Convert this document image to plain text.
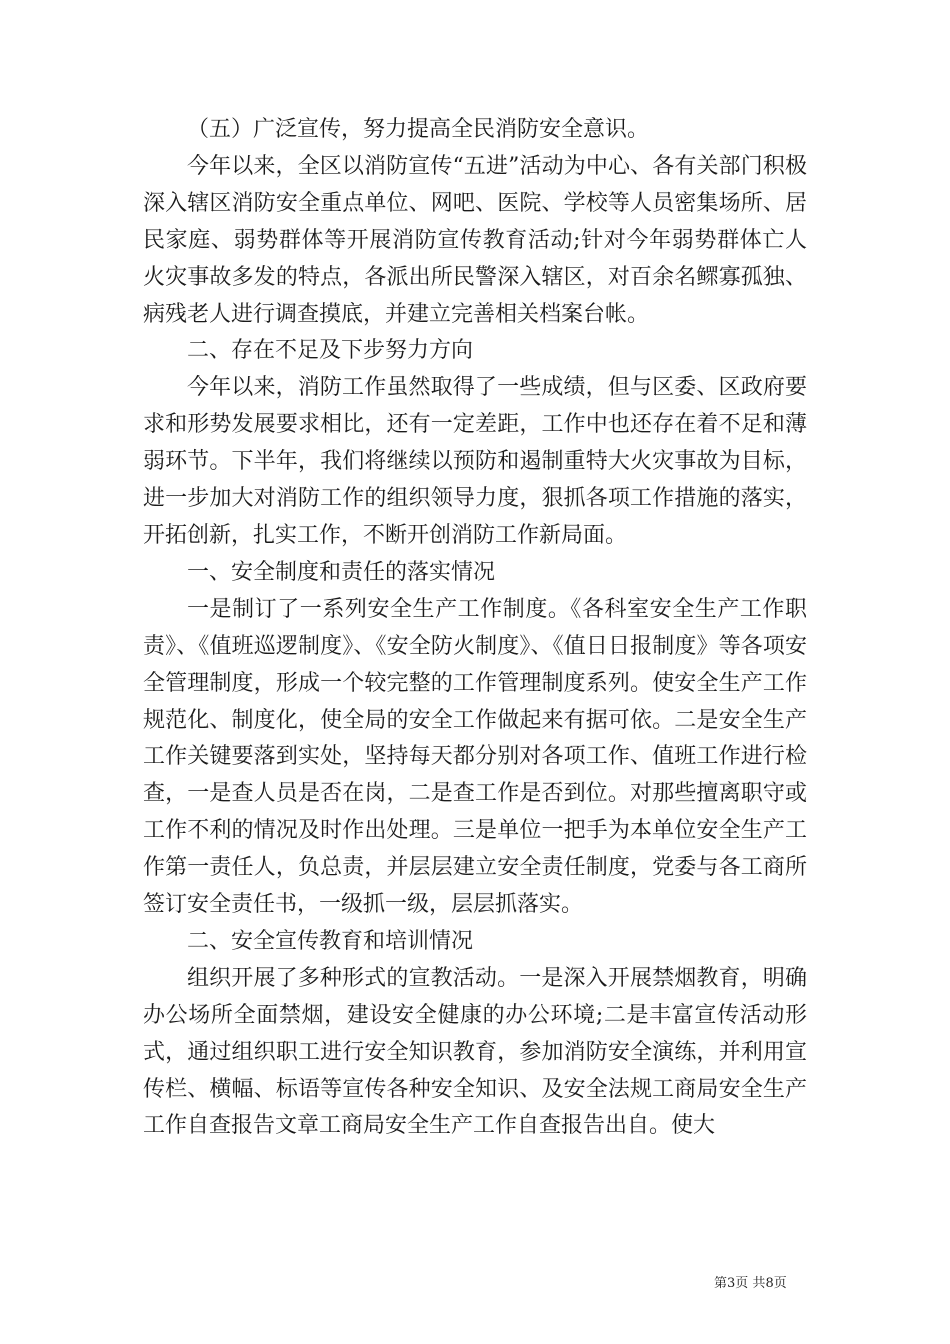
（五）广泛宣传，努力提高全民消防安全意识。

今年以来，全区以消防宣传“五进”活动为中心、各有关部门积极深入辖区消防安全重点单位、网吧、医院、学校等人员密集场所、居民家庭、弱势群体等开展消防宣传教育活动;针对今年弱势群体亡人火灾事故多发的特点，各派出所民警深入辖区，对百余名鳏寡孤独、病残老人进行调查摸底，并建立完善相关档案台帐。

二、存在不足及下步努力方向

今年以来，消防工作虽然取得了一些成绩，但与区委、区政府要求和形势发展要求相比，还有一定差距，工作中也还存在着不足和薄弱环节。下半年，我们将继续以预防和遏制重特大火灾事故为目标，进一步加大对消防工作的组织领导力度，狠抓各项工作措施的落实，开拓创新，扎实工作，不断开创消防工作新局面。

一、安全制度和责任的落实情况

一是制订了一系列安全生产工作制度。《各科室安全生产工作职责》、《值班巡逻制度》、《安全防火制度》、《值日日报制度》等各项安全管理制度，形成一个较完整的工作管理制度系列。使安全生产工作规范化、制度化，使全局的安全工作做起来有据可依。二是安全生产工作关键要落到实处，坚持每天都分别对各项工作、值班工作进行检查，一是查人员是否在岗，二是查工作是否到位。对那些擅离职守或工作不利的情况及时作出处理。三是单位一把手为本单位安全生产工作第一责任人，负总责，并层层建立安全责任制度，党委与各工商所签订安全责任书，一级抓一级，层层抓落实。

二、安全宣传教育和培训情况

组织开展了多种形式的宣教活动。一是深入开展禁烟教育，明确办公场所全面禁烟，建设安全健康的办公环境;二是丰富宣传活动形式，通过组织职工进行安全知识教育，参加消防安全演练，并利用宣传栏、横幅、标语等宣传各种安全知识、及安全法规工商局安全生产工作自查报告文章工商局安全生产工作自查报告出自。使大

第3页 共8页
